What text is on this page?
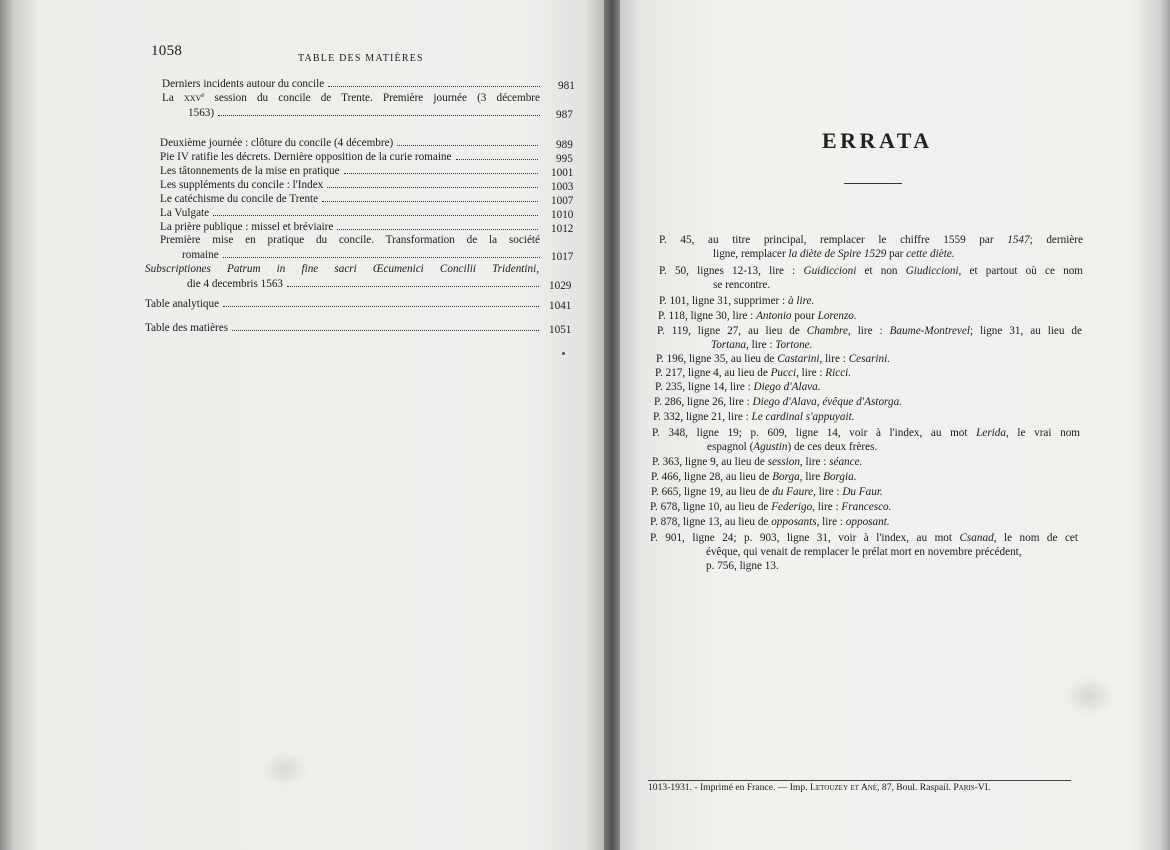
1058	TABLE DES MATIÈRES
Derniers incidents autour du concile	981
La xxv$^e$ session du concile de Trente. Première journée (3 décembre
1563)	987
Deuxième journée : clôture du concile (4 décembre)	989
Pie IV ratifie les décrets. Dernière opposition de la curie romaine	995
Les tâtonnements de la mise en pratique	1001
Les suppléments du concile : l'Index	1003
Le catéchisme du concile de Trente	1007
La Vulgate	1010
La prière publique : missel et bréviaire	1012
Première mise en pratique du concile. Transformation de la société
romaine	1017
Subscriptiones Patrum in fine sacri Œcumenici Concilii Tridentini,
die 4 decembris 1563	1029
Table analytique	1041
Table des matières	1051
ERRATA
P. 45, au titre principal, remplacer le chiffre 1559 par 1547; dernière
ligne, remplacer la diète de Spire 1529 par cette diète.
P. 50, lignes 12-13, lire : Guidiccioni et non Giudiccioni, et partout où ce nom
se rencontre.
P. 101, ligne 31, supprimer : à lire.
P. 118, ligne 30, lire : Antonio pour Lorenzo.
P. 119, ligne 27, au lieu de Chambre, lire : Baume-Montrevel; ligne 31, au lieu de
Tortana, lire : Tortone.
P. 196, ligne 35, au lieu de Castarini, lire : Cesarini.
P. 217, ligne 4, au lieu de Pucci, lire : Ricci.
P. 235, ligne 14, lire : Diego d'Alava.
P. 286, ligne 26, lire : Diego d'Alava, évêque d'Astorga.
P. 332, ligne 21, lire : Le cardinal s'appuyait.
P. 348, ligne 19; p. 609, ligne 14, voir à l'index, au mot Lerida, le vrai nom
espagnol (Agustin) de ces deux frères.
P. 363, ligne 9, au lieu de session, lire : séance.
P. 466, ligne 28, au lieu de Borga, lire Borgia.
P. 665, ligne 19, au lieu de du Faure, lire : Du Faur.
P. 678, ligne 10, au lieu de Federigo, lire : Francesco.
P. 878, ligne 13, au lieu de opposants, lire : opposant.
P. 901, ligne 24; p. 903, ligne 31, voir à l'index, au mot Csanad, le nom de cet
évêque, qui venait de remplacer le prélat mort en novembre précédent,
p. 756, ligne 13.
1013-1931. - Imprimé en France. — Imp. Letouzey et Ané, 87, Boul. Raspail. Paris-VI.
